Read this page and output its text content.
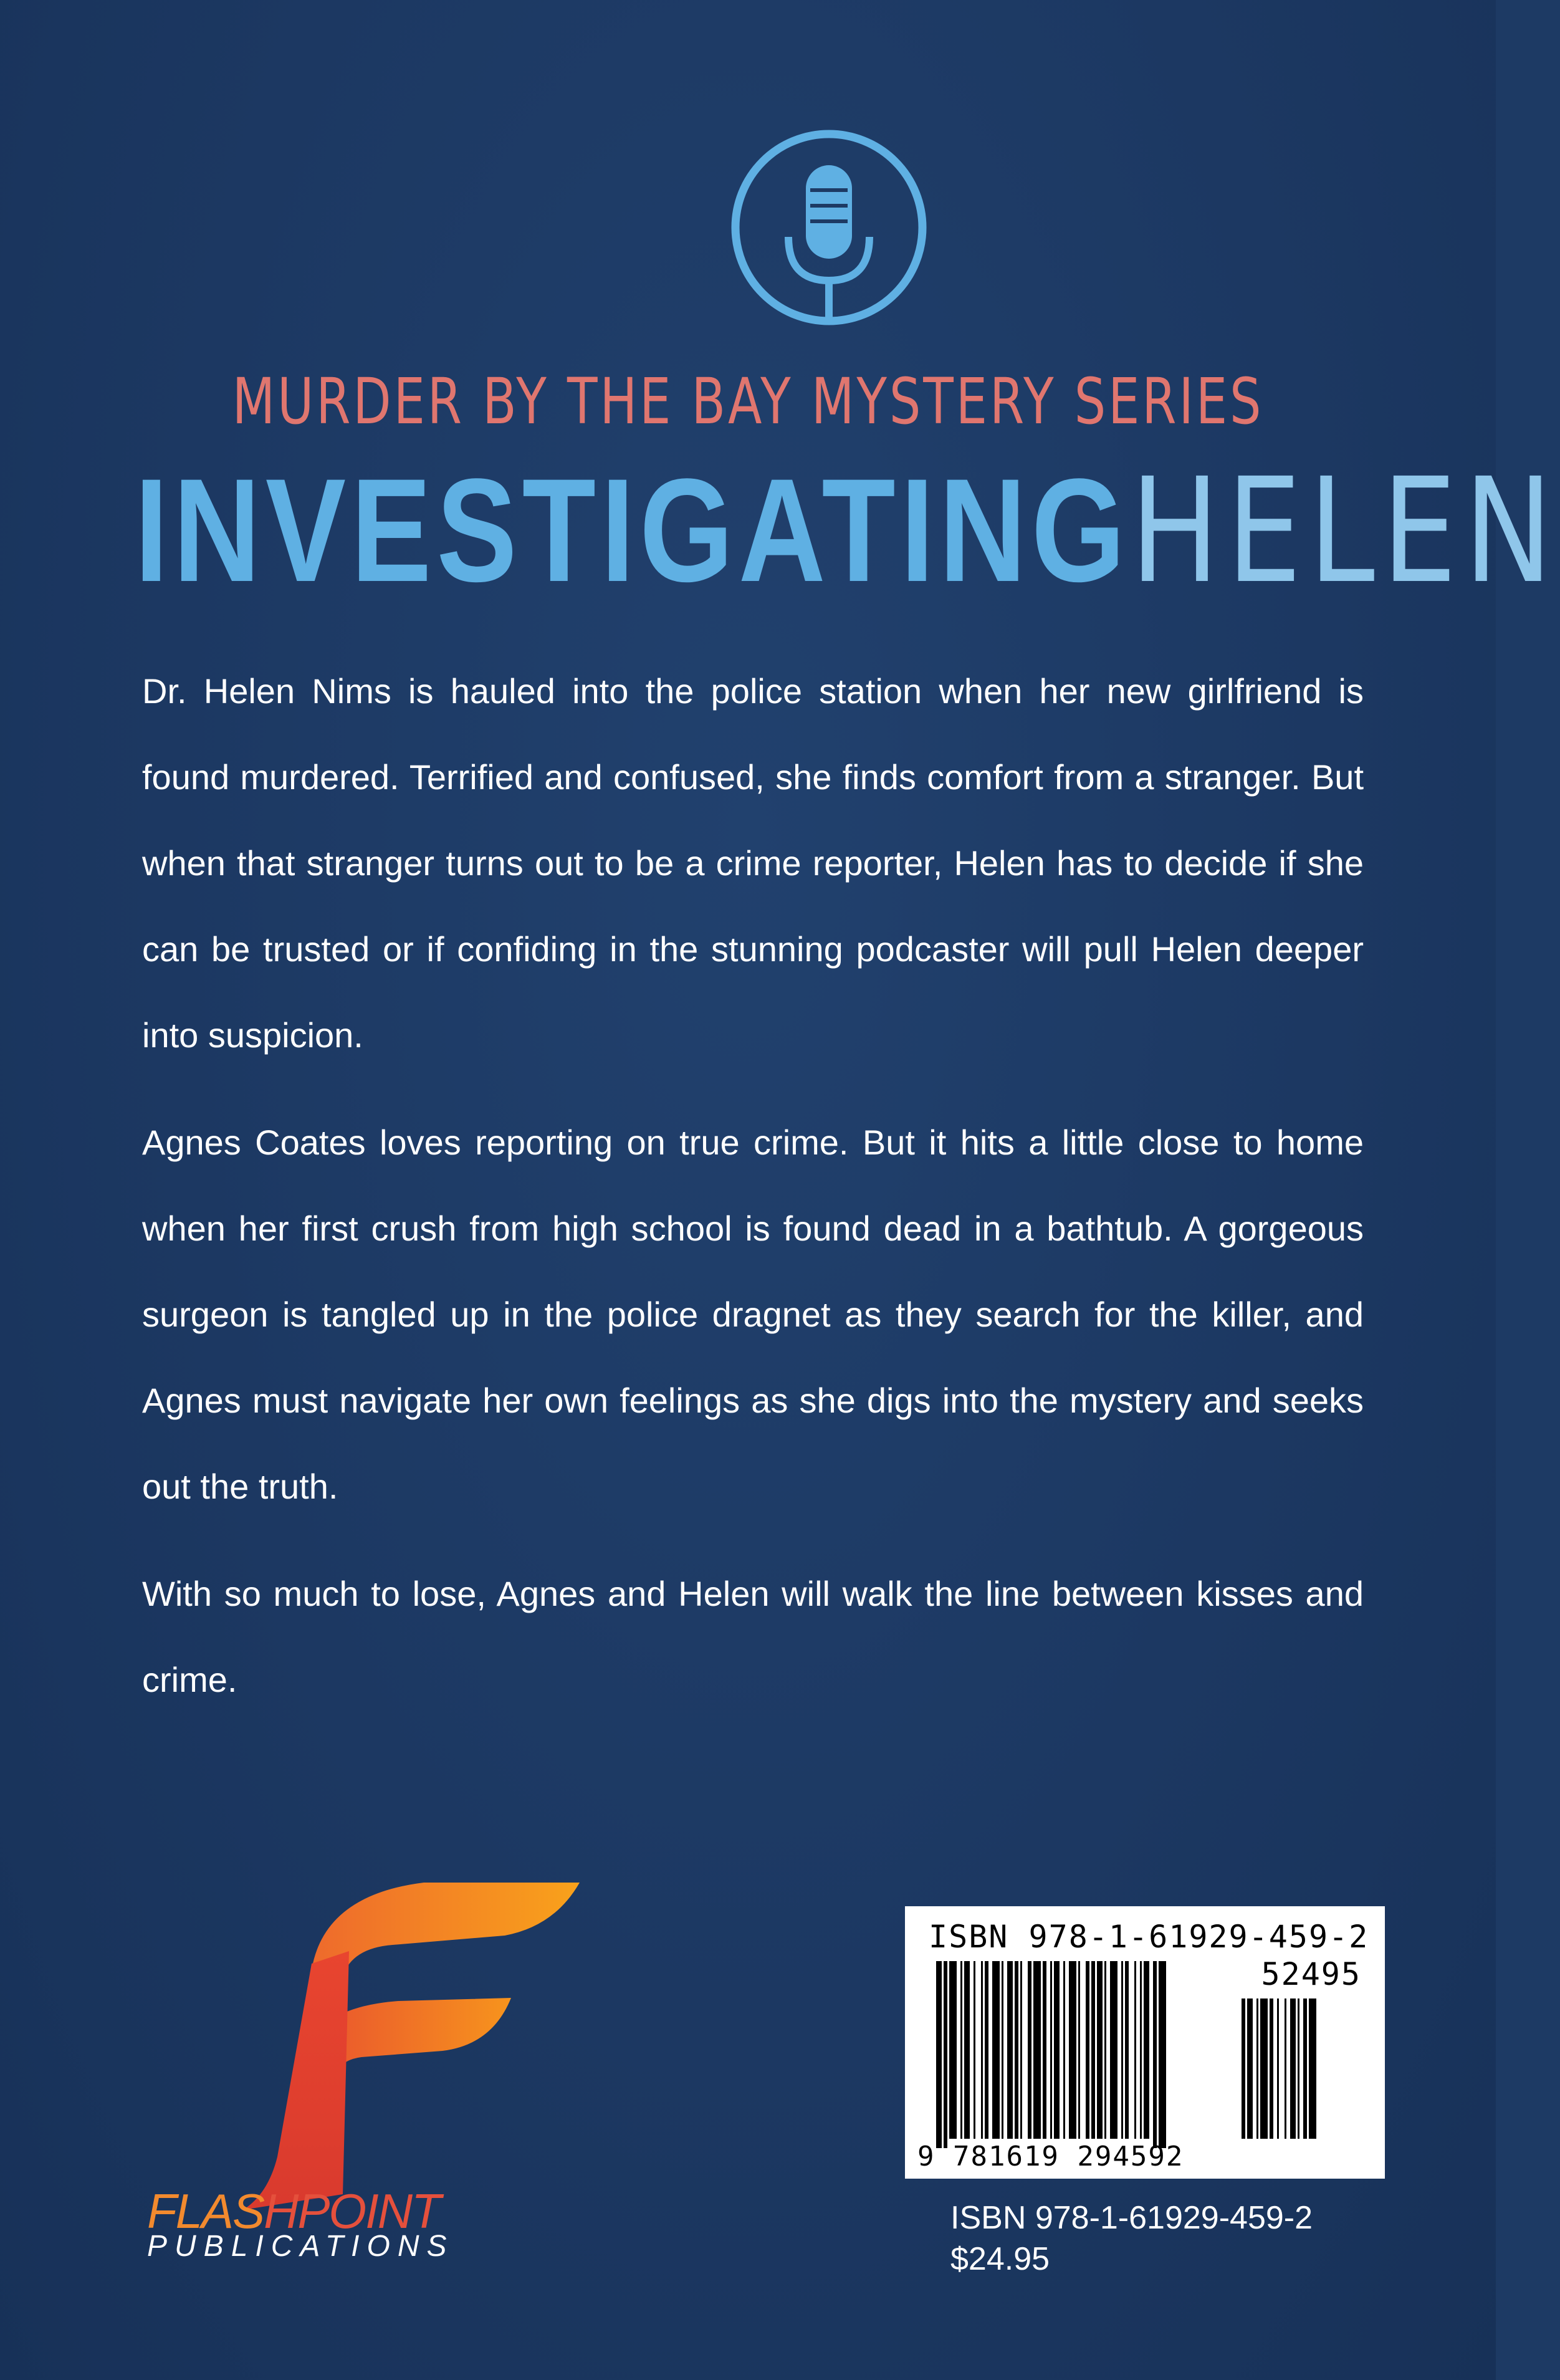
MURDER BY THE BAY MYSTERY SERIES
INVESTIGATINGHELEN

Dr. Helen Nims is hauled into the police station when her new girlfriend is found murdered. Terrified and confused, she finds comfort from a stranger. But when that stranger turns out to be a crime reporter, Helen has to decide if she can be trusted or if confiding in the stunning podcaster will pull Helen deeper into suspicion.

Agnes Coates loves reporting on true crime. But it hits a little close to home when her first crush from high school is found dead in a bathtub. A gorgeous surgeon is tangled up in the police dragnet as they search for the killer, and Agnes must navigate her own feelings as she digs into the mystery and seeks out the truth.

With so much to lose, Agnes and Helen will walk the line between kisses and crime.

FLASHPOINT
PUBLICATIONS
ISBN 978-1-61929-459-2
52495
9 781619 294592
ISBN 978-1-61929-459-2
$24.95
